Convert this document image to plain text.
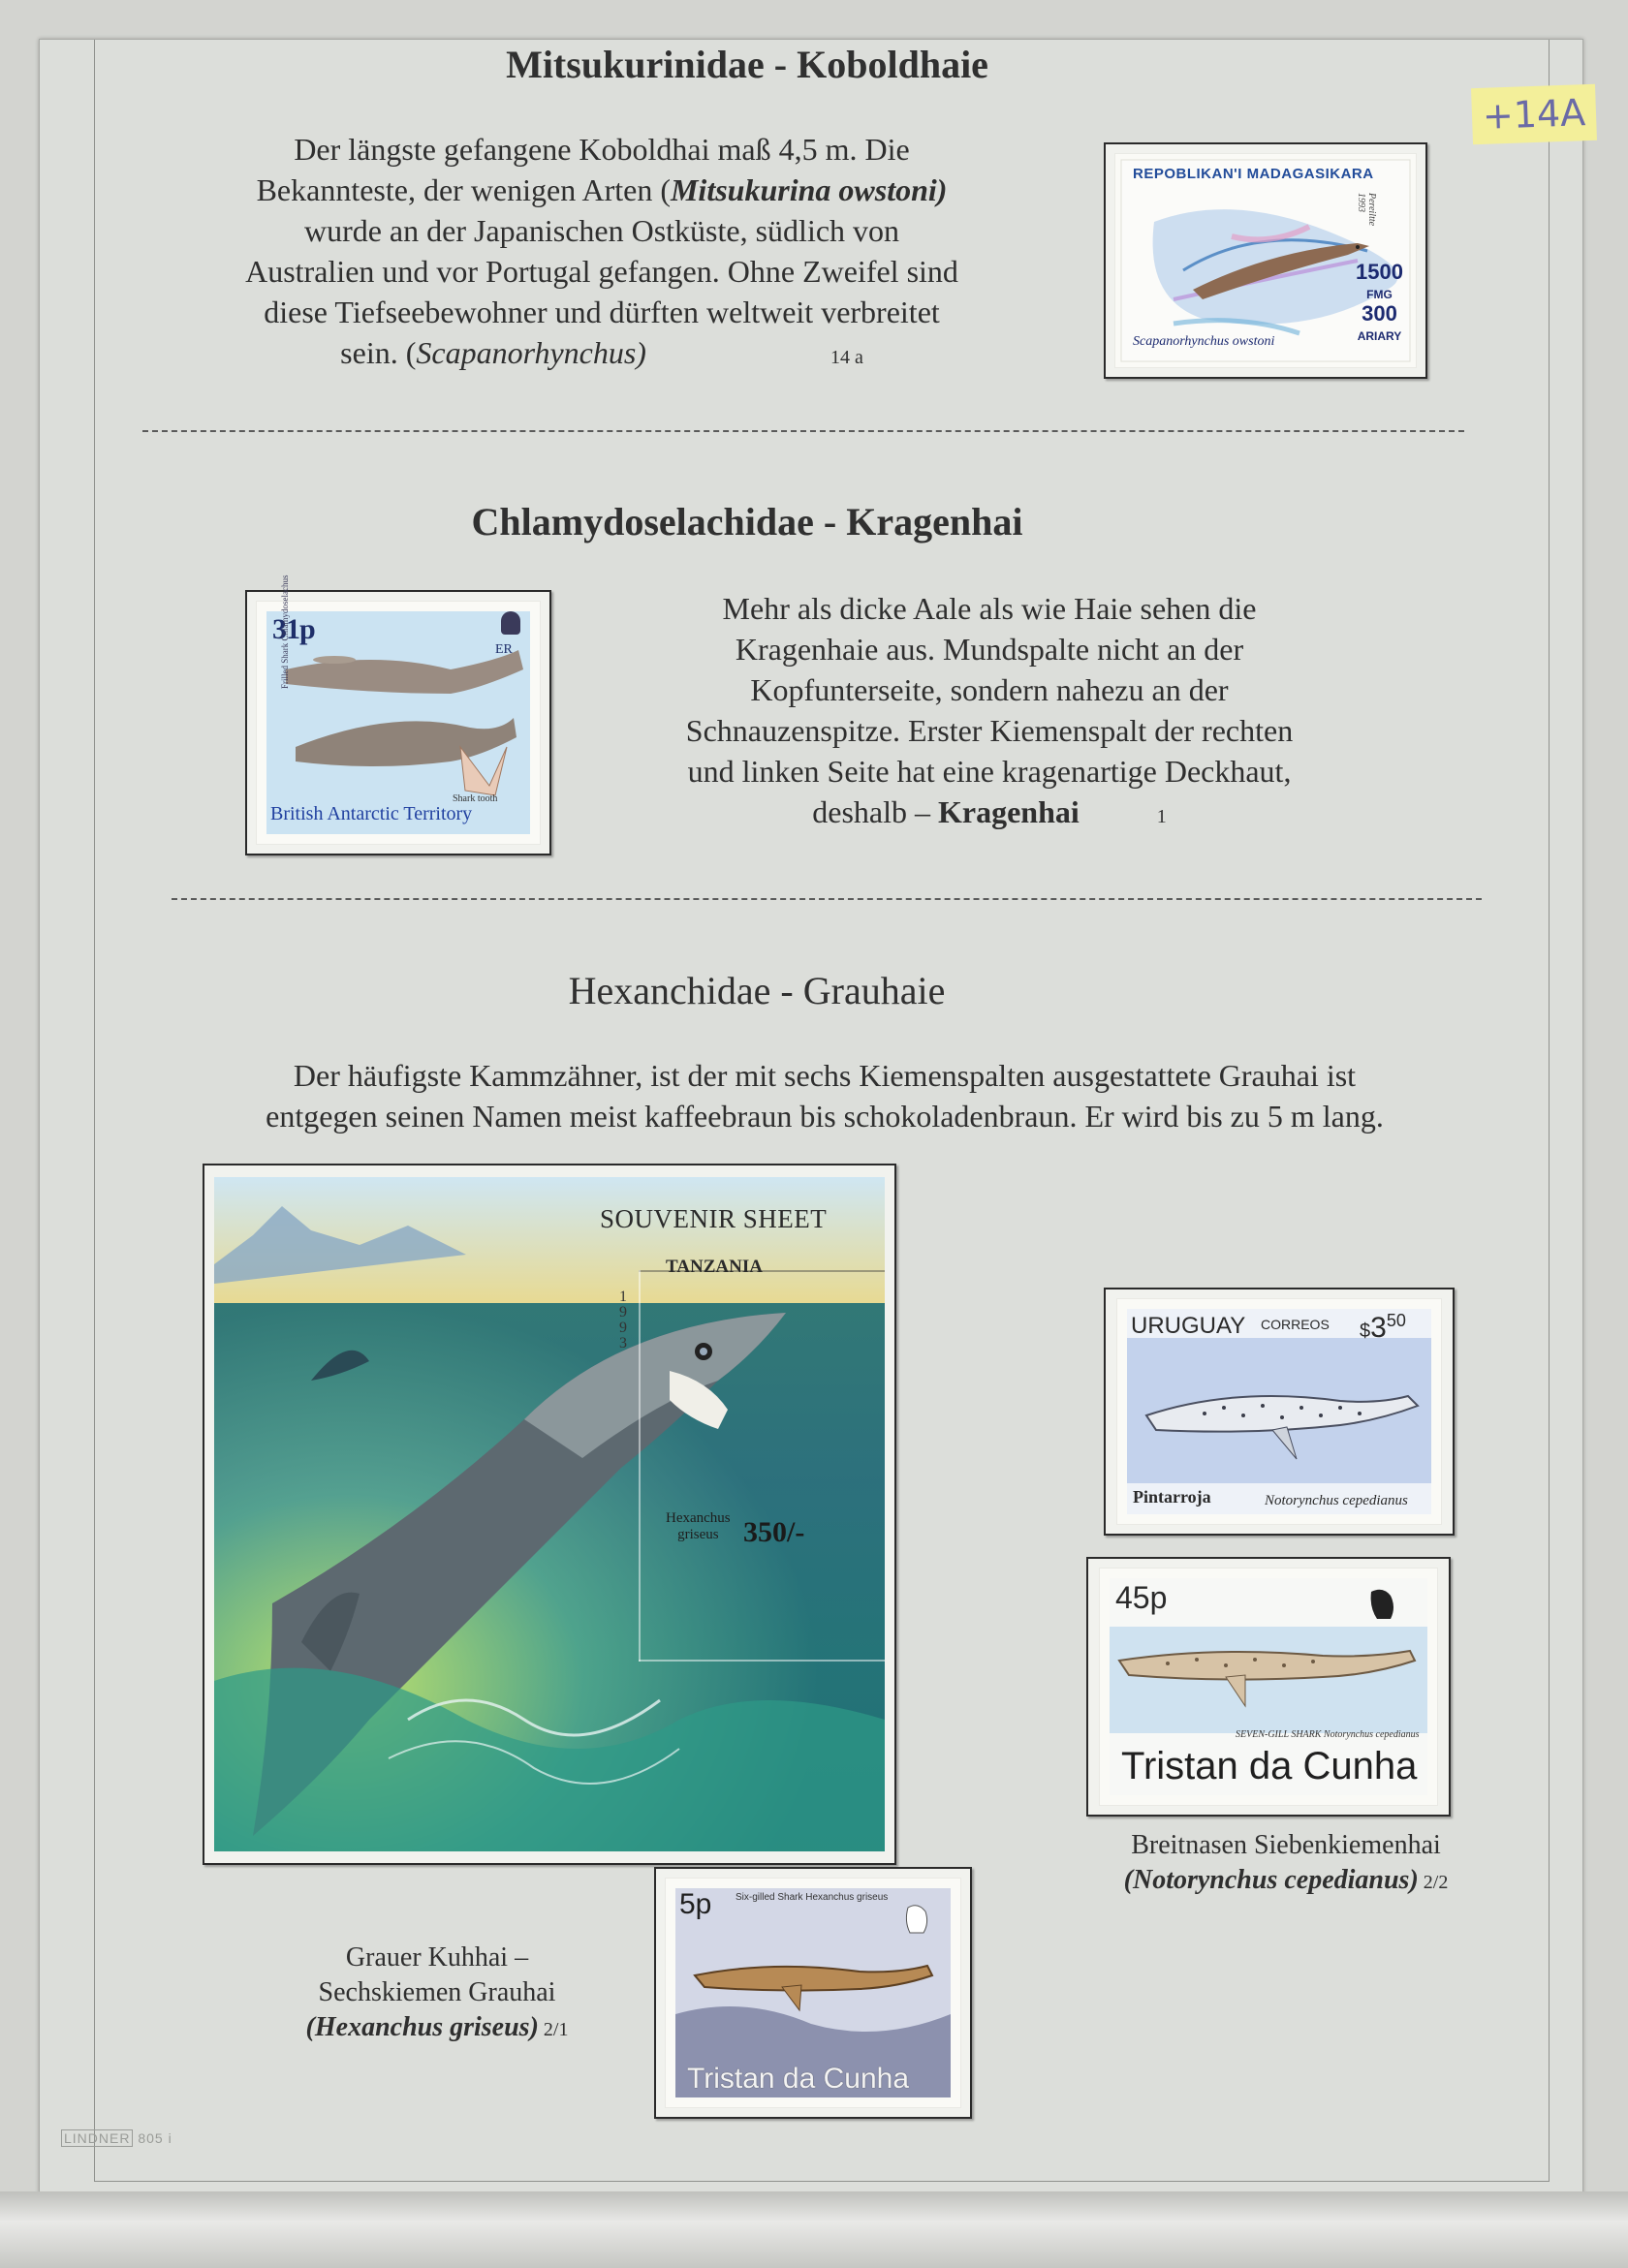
Mitsukurinidae - Koboldhaie
Der längste gefangene Koboldhai maß 4,5 m. Die
Bekannteste, der wenigen Arten (Mitsukurina owstoni)
wurde an der Japanischen Ostküste, südlich von
Australien und vor Portugal gefangen. Ohne Zweifel sind
diese Tiefseebewohner und dürften weltweit verbreitet
sein. (Scapanorhynchus)	14 a
REPOBLIKAN'I MADAGASIKARA
1500
FMG
300
ARIARY
Scapanorhynchus owstoni
Pereiltte 1993
Chlamydoselachidae - Kragenhai
31p
ER
Frilled Shark Chlamydoselachus
Shark tooth
British Antarctic Territory
Mehr als dicke Aale als wie Haie sehen die
Kragenhaie aus. Mundspalte nicht an der
Kopfunterseite, sondern nahezu an der
Schnauzenspitze. Erster Kiemenspalt der rechten
und linken Seite hat eine kragenartige Deckhaut,
deshalb – Kragenhai	1
Hexanchidae - Grauhaie
Der häufigste Kammzähner, ist der mit sechs Kiemenspalten ausgestattete Grauhai ist
entgegen seinen Namen meist kaffeebraun bis schokoladenbraun. Er wird bis zu 5 m lang.
SOUVENIR SHEET
TANZANIA
1993
Hexanchus
griseus 350/-
URUGUAY CORREOS $\$3^{50}$
Pintarroja	Notorynchus cepedianus
45p
SEVEN-GILL SHARK Notorynchus cepedianus
Tristan da Cunha
Breitnasen Siebenkiemenhai
(Notorynchus cepedianus) 2/2
5p Six-gilled Shark Hexanchus griseus
Tristan da Cunha
Grauer Kuhhai –
Sechskiemen Grauhai
(Hexanchus griseus) 2/1
+14A
LINDNER 805 i
